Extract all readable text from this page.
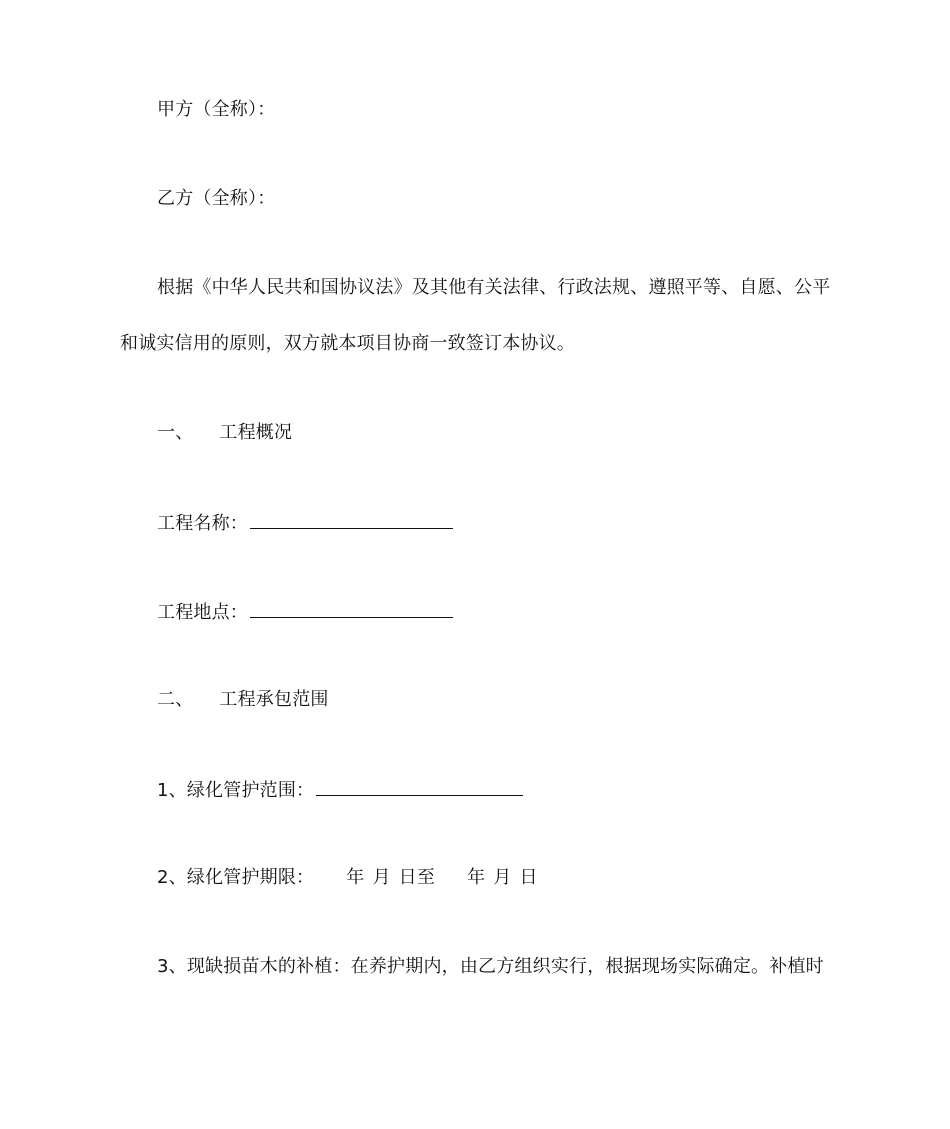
甲方（全称）：
乙方（全称）：
根据《中华人民共和国协议法》及其他有关法律、行政法规、遵照平等、自愿、公平
和诚实信用的原则，双方就本项目协商一致签订本协议。
一、 工程概况
工程名称：
工程地点：
二、 工程承包范围
1、绿化管护范围：
2、绿化管护期限： 年 月 日至 年 月 日
3、现缺损苗木的补植：在养护期内，由乙方组织实行，根据现场实际确定。补植时
